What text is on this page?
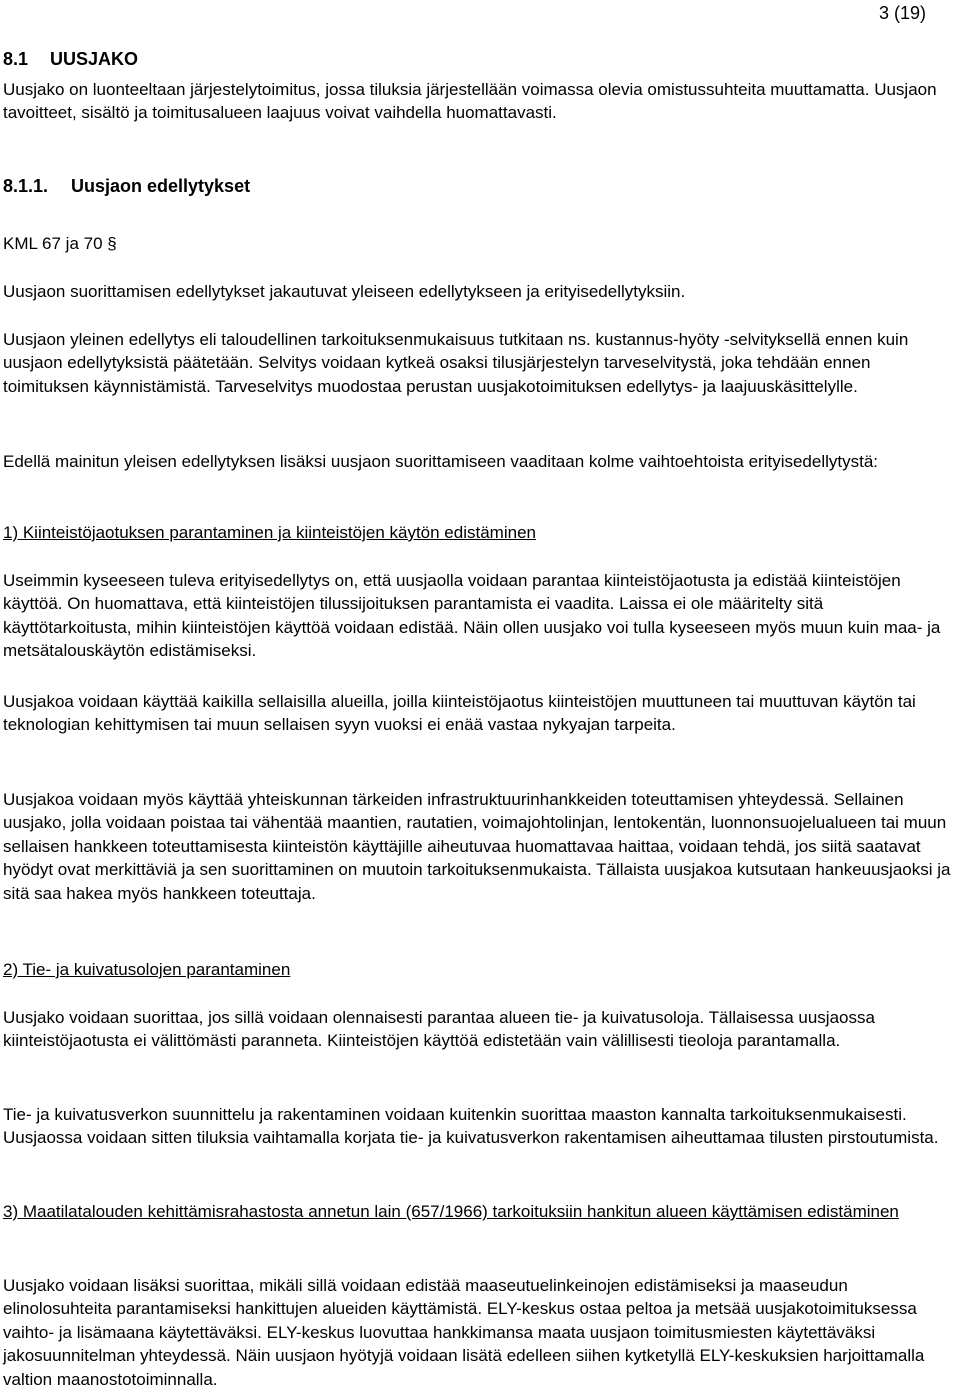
3 (19)

8.1 UUSJAKO

Uusjako on luonteeltaan järjestelytoimitus, jossa tiluksia järjestellään voimassa olevia omistussuhteita muuttamatta. Uusjaon tavoitteet, sisältö ja toimitusalueen laajuus voivat vaihdella huomattavasti.

8.1.1. Uusjaon edellytykset

KML 67 ja 70 §

Uusjaon suorittamisen edellytykset jakautuvat yleiseen edellytykseen ja erityisedellytyksiin.

Uusjaon yleinen edellytys eli taloudellinen tarkoituksenmukaisuus tutkitaan ns. kustannus-hyöty -selvityksellä ennen kuin uusjaon edellytyksistä päätetään. Selvitys voidaan kytkeä osaksi tilusjärjestelyn tarveselvitystä, joka tehdään ennen toimituksen käynnistämistä. Tarveselvitys muodostaa perustan uusjakotoimituksen edellytys- ja laajuuskäsittelylle.

Edellä mainitun yleisen edellytyksen lisäksi uusjaon suorittamiseen vaaditaan kolme vaihtoehtoista erityisedellytystä:

1) Kiinteistöjaotuksen parantaminen ja kiinteistöjen käytön edistäminen

Useimmin kyseeseen tuleva erityisedellytys on, että uusjaolla voidaan parantaa kiinteistöjaotusta ja edistää kiinteistöjen käyttöä. On huomattava, että kiinteistöjen tilussijoituksen parantamista ei vaadita. Laissa ei ole määritelty sitä käyttötarkoitusta, mihin kiinteistöjen käyttöä voidaan edistää. Näin ollen uusjako voi tulla kyseeseen myös muun kuin maa- ja metsätalouskäytön edistämiseksi.

Uusjakoa voidaan käyttää kaikilla sellaisilla alueilla, joilla kiinteistöjaotus kiinteistöjen muuttuneen tai muuttuvan käytön tai teknologian kehittymisen tai muun sellaisen syyn vuoksi ei enää vastaa nykyajan tarpeita.

Uusjakoa voidaan myös käyttää yhteiskunnan tärkeiden infrastruktuurinhankkeiden toteuttamisen yhteydessä. Sellainen uusjako, jolla voidaan poistaa tai vähentää maantien, rautatien, voimajohtolinjan, lentokentän, luonnonsuojelualueen tai muun sellaisen hankkeen toteuttamisesta kiinteistön käyttäjille aiheutuvaa huomattavaa haittaa, voidaan tehdä, jos siitä saatavat hyödyt ovat merkittäviä ja sen suorittaminen on muutoin tarkoituksenmukaista. Tällaista uusjakoa kutsutaan hankeuusjaoksi ja sitä saa hakea myös hankkeen toteuttaja.

2) Tie- ja kuivatusolojen parantaminen

Uusjako voidaan suorittaa, jos sillä voidaan olennaisesti parantaa alueen tie- ja kuivatusoloja. Tällaisessa uusjaossa kiinteistöjaotusta ei välittömästi paranneta. Kiinteistöjen käyttöä edistetään vain välillisesti tieoloja parantamalla.

Tie- ja kuivatusverkon suunnittelu ja rakentaminen voidaan kuitenkin suorittaa maaston kannalta tarkoituksenmukaisesti. Uusjaossa voidaan sitten tiluksia vaihtamalla korjata tie- ja kuivatusverkon rakentamisen aiheuttamaa tilusten pirstoutumista.

3) Maatilatalouden kehittämisrahastosta annetun lain (657/1966) tarkoituksiin hankitun alueen käyttämisen edistäminen

Uusjako voidaan lisäksi suorittaa, mikäli sillä voidaan edistää maaseutuelinkeinojen edistämiseksi ja maaseudun elinolosuhteita parantamiseksi hankittujen alueiden käyttämistä. ELY-keskus ostaa peltoa ja metsää uusjakotoimituksessa vaihto- ja lisämaana käytettäväksi. ELY-keskus luovuttaa hankkimansa maata uusjaon toimitusmiesten käytettäväksi jakosuunnitelman yhteydessä. Näin uusjaon hyötyjä voidaan lisätä edelleen siihen kytketyllä ELY-keskuksien harjoittamalla valtion maanostotoiminnalla.
